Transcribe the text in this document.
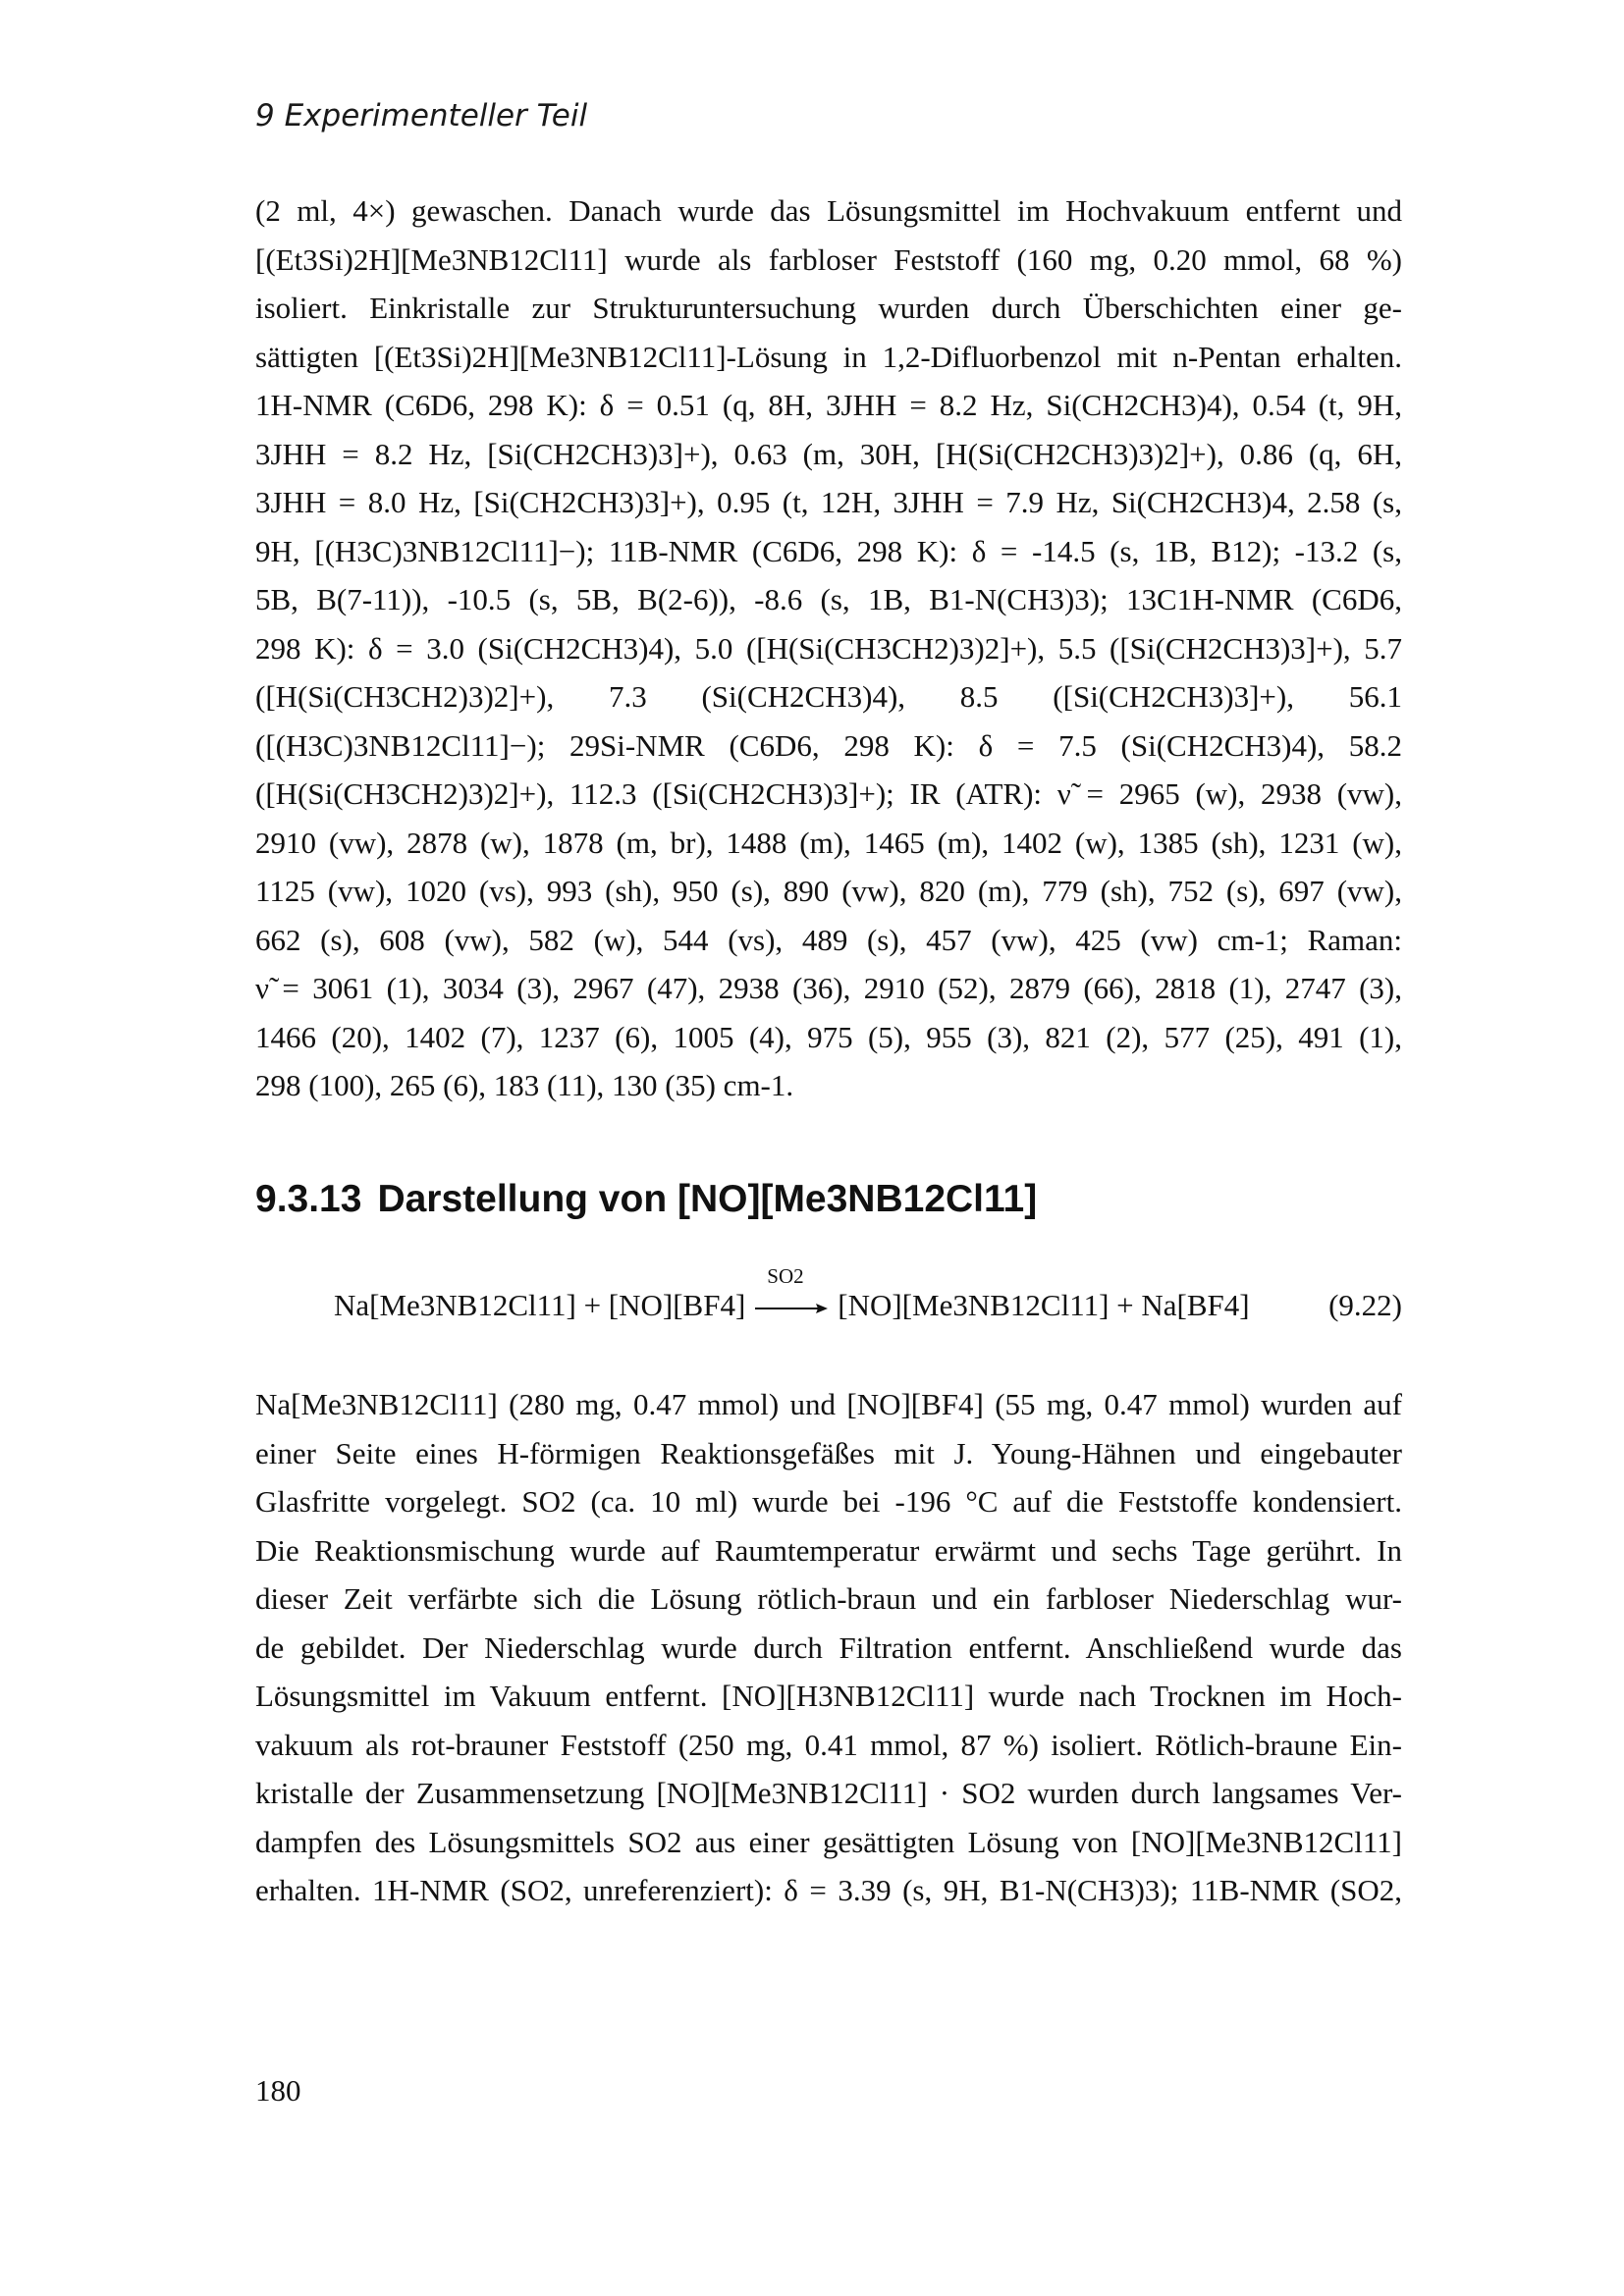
9 Experimenteller Teil
(2 ml, 4×) gewaschen. Danach wurde das Lösungsmittel im Hochvakuum entfernt und
[(Et3Si)2H][Me3NB12Cl11] wurde als farbloser Feststoff (160 mg, 0.20 mmol, 68 %)
isoliert. Einkristalle zur Strukturuntersuchung wurden durch Überschichten einer ge-
sättigten [(Et3Si)2H][Me3NB12Cl11]-Lösung in 1,2-Difluorbenzol mit n-Pentan erhalten.
1H-NMR (C6D6, 298 K): δ = 0.51 (q, 8H, 3JHH = 8.2 Hz, Si(CH2CH3)4), 0.54 (t, 9H,
3JHH = 8.2 Hz, [Si(CH2CH3)3]+), 0.63 (m, 30H, [H(Si(CH2CH3)3)2]+), 0.86 (q, 6H,
3JHH = 8.0 Hz, [Si(CH2CH3)3]+), 0.95 (t, 12H, 3JHH = 7.9 Hz, Si(CH2CH3)4, 2.58 (s,
9H, [(H3C)3NB12Cl11]−); 11B-NMR (C6D6, 298 K): δ = -14.5 (s, 1B, B12); -13.2 (s,
5B, B(7-11)), -10.5 (s, 5B, B(2-6)), -8.6 (s, 1B, B1-N(CH3)3); 13C1H-NMR (C6D6,
298 K): δ = 3.0 (Si(CH2CH3)4), 5.0 ([H(Si(CH3CH2)3)2]+), 5.5 ([Si(CH2CH3)3]+), 5.7
([H(Si(CH3CH2)3)2]+), 7.3 (Si(CH2CH3)4), 8.5 ([Si(CH2CH3)3]+), 56.1
([(H3C)3NB12Cl11]−); 29Si-NMR (C6D6, 298 K): δ = 7.5 (Si(CH2CH3)4), 58.2
([H(Si(CH3CH2)3)2]+), 112.3 ([Si(CH2CH3)3]+); IR (ATR): ν̃ = 2965 (w), 2938 (vw),
2910 (vw), 2878 (w), 1878 (m, br), 1488 (m), 1465 (m), 1402 (w), 1385 (sh), 1231 (w),
1125 (vw), 1020 (vs), 993 (sh), 950 (s), 890 (vw), 820 (m), 779 (sh), 752 (s), 697 (vw),
662 (s), 608 (vw), 582 (w), 544 (vs), 489 (s), 457 (vw), 425 (vw) cm-1; Raman:
ν̃ = 3061 (1), 3034 (3), 2967 (47), 2938 (36), 2910 (52), 2879 (66), 2818 (1), 2747 (3),
1466 (20), 1402 (7), 1237 (6), 1005 (4), 975 (5), 955 (3), 821 (2), 577 (25), 491 (1),
298 (100), 265 (6), 183 (11), 130 (35) cm-1.
9.3.13 Darstellung von [NO][Me3NB12Cl11]
Na[Me3NB12Cl11] + [NO][BF4]
SO2
[NO][Me3NB12Cl11] + Na[BF4]	(9.22)
Na[Me3NB12Cl11] (280 mg, 0.47 mmol) und [NO][BF4] (55 mg, 0.47 mmol) wurden auf
einer Seite eines H-förmigen Reaktionsgefäßes mit J. Young-Hähnen und eingebauter
Glasfritte vorgelegt. SO2 (ca. 10 ml) wurde bei -196 °C auf die Feststoffe kondensiert.
Die Reaktionsmischung wurde auf Raumtemperatur erwärmt und sechs Tage gerührt. In
dieser Zeit verfärbte sich die Lösung rötlich-braun und ein farbloser Niederschlag wur-
de gebildet. Der Niederschlag wurde durch Filtration entfernt. Anschließend wurde das
Lösungsmittel im Vakuum entfernt. [NO][H3NB12Cl11] wurde nach Trocknen im Hoch-
vakuum als rot-brauner Feststoff (250 mg, 0.41 mmol, 87 %) isoliert. Rötlich-braune Ein-
kristalle der Zusammensetzung [NO][Me3NB12Cl11] · SO2 wurden durch langsames Ver-
dampfen des Lösungsmittels SO2 aus einer gesättigten Lösung von [NO][Me3NB12Cl11]
erhalten. 1H-NMR (SO2, unreferenziert): δ = 3.39 (s, 9H, B1-N(CH3)3); 11B-NMR (SO2,
180
